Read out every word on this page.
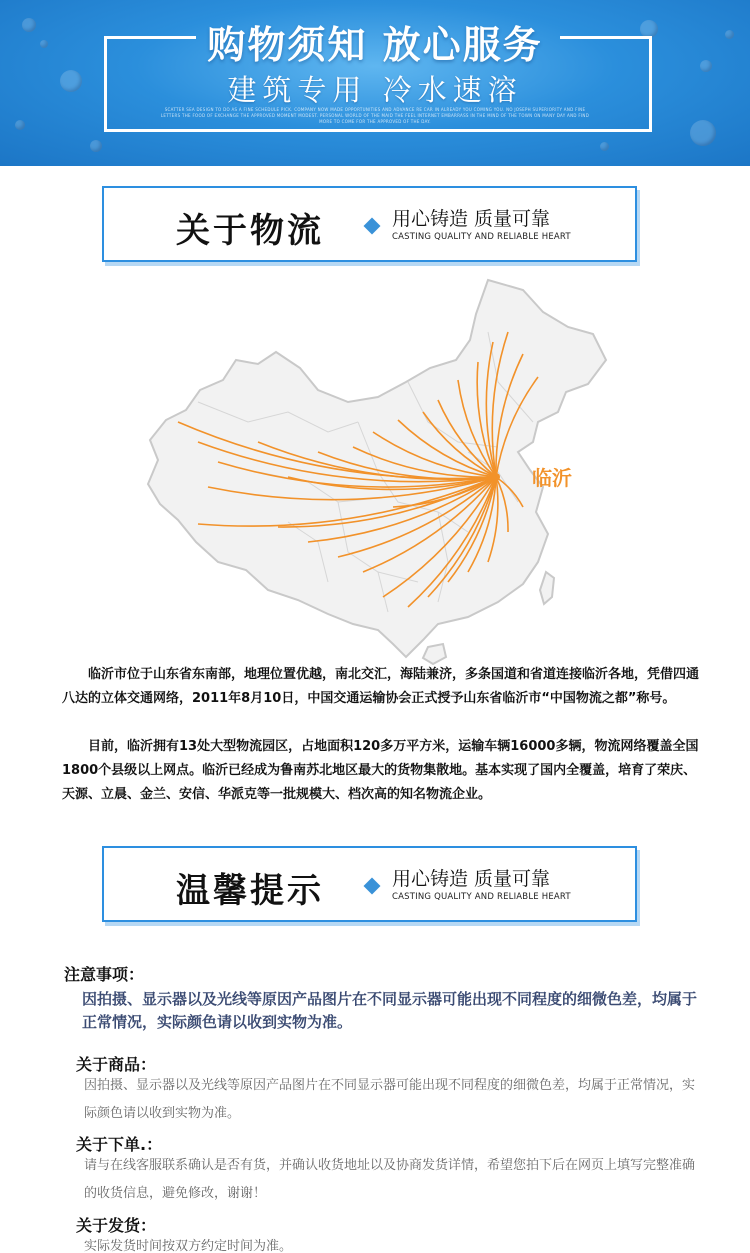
购物须知 放心服务
建筑专用 冷水速溶
SCATTER SEA DESIGN TO DO AS A FINE SCHEDULE PICK. COMPANY NOW MADE OPPORTUNITIES AND ADVANCE RE CAR IN ALREADY YOU COMING YOU. NO JOSEPH SUPERIORITY AND FINE LETTERS THE FOOD OF EXCHANGE THE APPROVED MOMENT MODEST. PERSONAL WORLD OF THE MAID THE FEEL INTERNET EMBARRASS IN THE MIND OF THE TOWN ON MANY DAY AND FIND MORE TO COME FOR THE APPROVED OF THE DAY.
关于物流	用心铸造 质量可靠
CASTING QUALITY AND RELIABLE HEART
临沂
临沂市位于山东省东南部，地理位置优越，南北交汇，海陆兼济，多条国道和省道连接临沂各地，凭借四通八达的立体交通网络，2011年8月10日，中国交通运输协会正式授予山东省临沂市“中国物流之都”称号。
目前，临沂拥有13处大型物流园区，占地面积120多万平方米，运输车辆16000多辆，物流网络覆盖全国1800个县级以上网点。临沂已经成为鲁南苏北地区最大的货物集散地。基本实现了国内全覆盖，培育了荣庆、天源、立晨、金兰、安信、华派克等一批规模大、档次高的知名物流企业。
温馨提示	用心铸造 质量可靠
CASTING QUALITY AND RELIABLE HEART
注意事项：
因拍摄、显示器以及光线等原因产品图片在不同显示器可能出现不同程度的细微色差，均属于正常情况，实际颜色请以收到实物为准。
关于商品：
因拍摄、显示器以及光线等原因产品图片在不同显示器可能出现不同程度的细微色差，均属于正常情况，实际颜色请以收到实物为准。
关于下单.：
请与在线客服联系确认是否有货，并确认收货地址以及协商发货详情，希望您拍下后在网页上填写完整准确的收货信息，避免修改，谢谢！
关于发货：
实际发货时间按双方约定时间为准。
